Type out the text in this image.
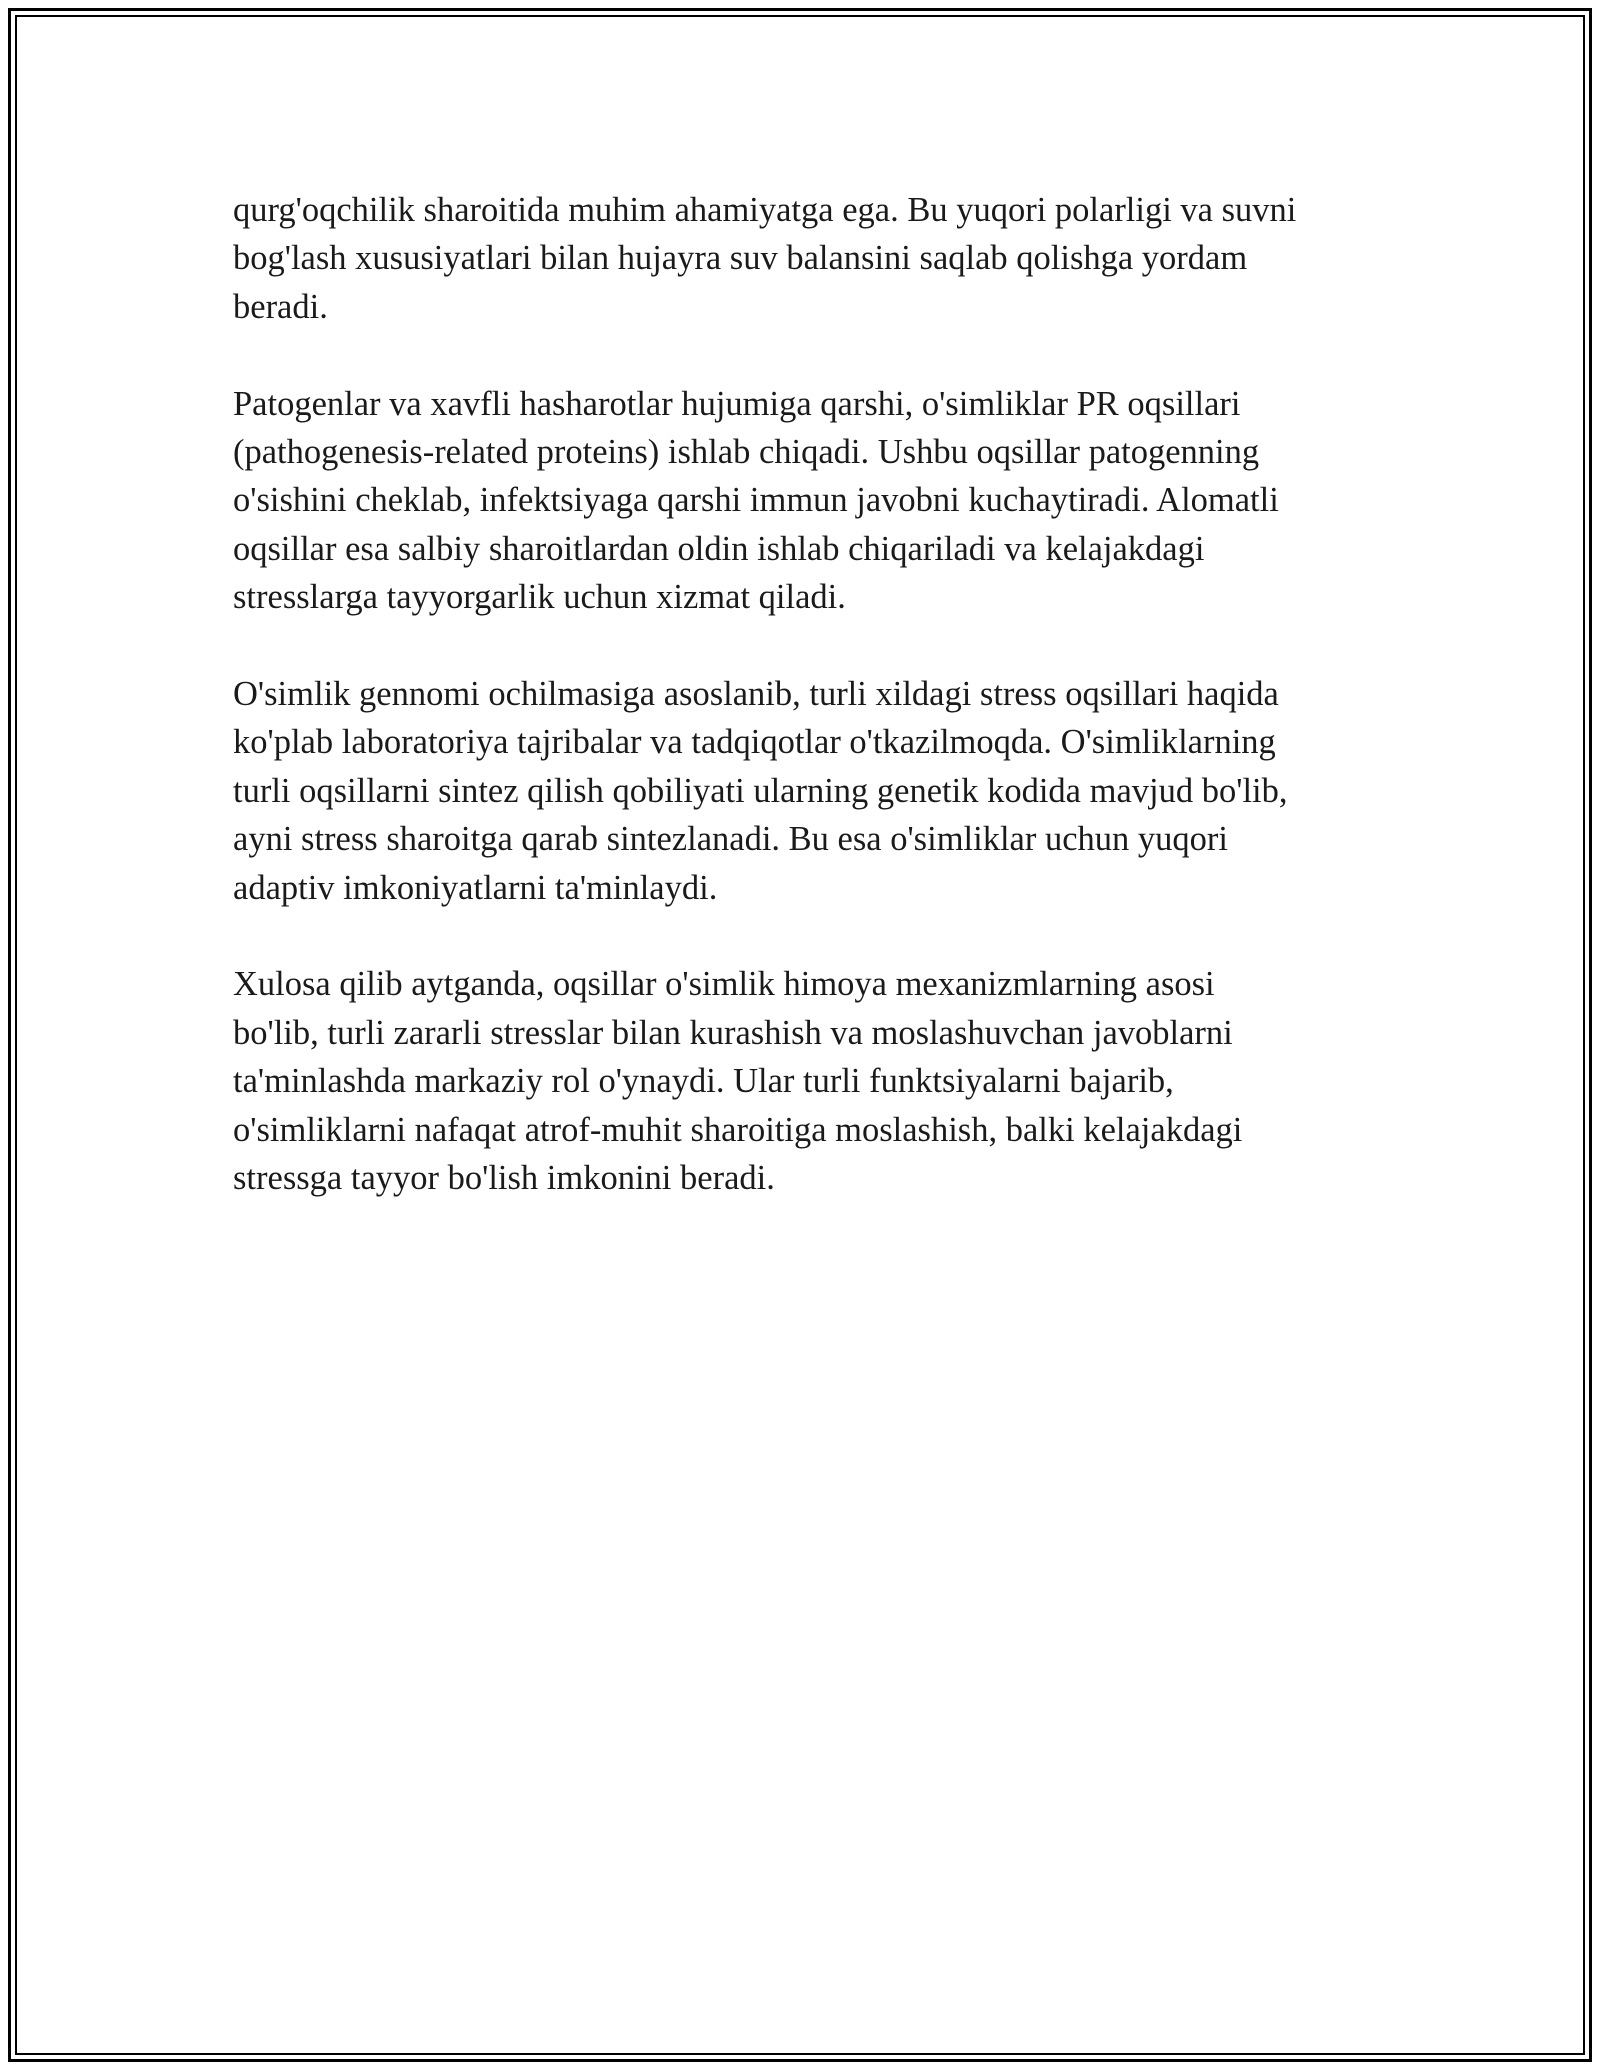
qurg'oqchilik sharoitida muhim ahamiyatga ega. Bu yuqori polarligi va suvni
bog'lash xususiyatlari bilan hujayra suv balansini saqlab qolishga yordam
beradi.

Patogenlar va xavfli hasharotlar hujumiga qarshi, o'simliklar PR oqsillari
(pathogenesis-related proteins) ishlab chiqadi. Ushbu oqsillar patogenning
o'sishini cheklab, infektsiyaga qarshi immun javobni kuchaytiradi. Alomatli
oqsillar esa salbiy sharoitlardan oldin ishlab chiqariladi va kelajakdagi
stresslarga tayyorgarlik uchun xizmat qiladi.

O'simlik gennomi ochilmasiga asoslanib, turli xildagi stress oqsillari haqida
ko'plab laboratoriya tajribalar va tadqiqotlar o'tkazilmoqda. O'simliklarning
turli oqsillarni sintez qilish qobiliyati ularning genetik kodida mavjud bo'lib,
ayni stress sharoitga qarab sintezlanadi. Bu esa o'simliklar uchun yuqori
adaptiv imkoniyatlarni ta'minlaydi.

Xulosa qilib aytganda, oqsillar o'simlik himoya mexanizmlarning asosi
bo'lib, turli zararli stresslar bilan kurashish va moslashuvchan javoblarni
ta'minlashda markaziy rol o'ynaydi. Ular turli funktsiyalarni bajarib,
o'simliklarni nafaqat atrof-muhit sharoitiga moslashish, balki kelajakdagi
stressga tayyor bo'lish imkonini beradi.
